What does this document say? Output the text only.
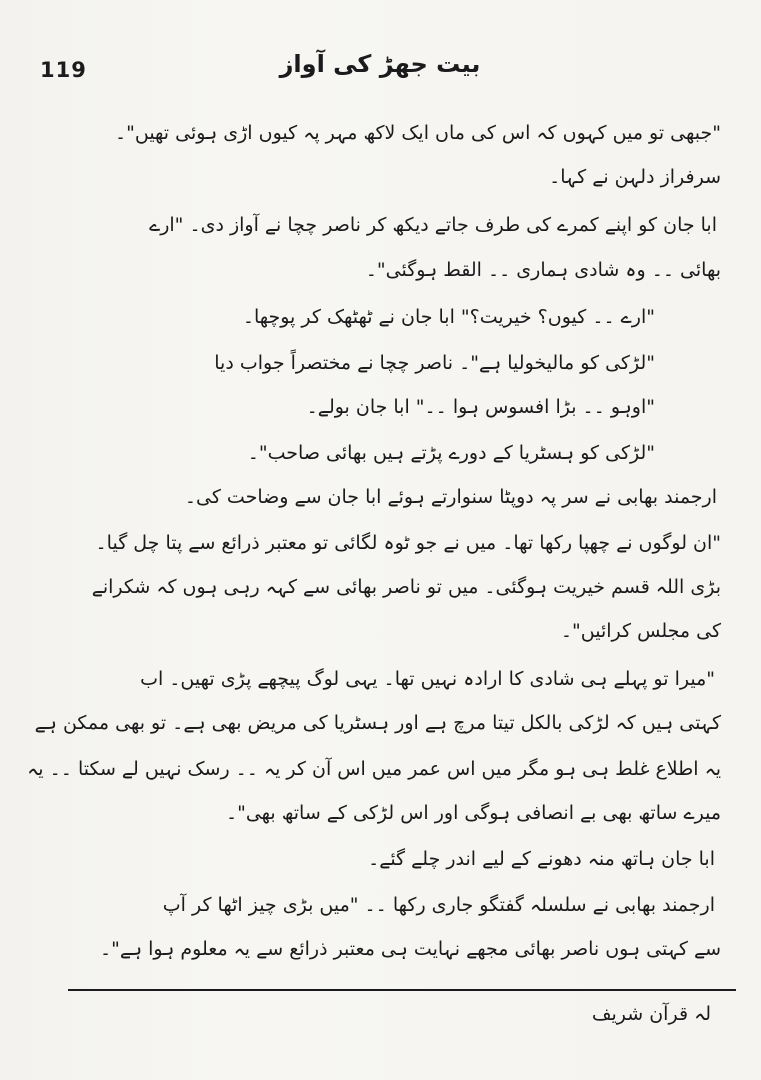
119	بیت جھڑ کی آواز
"جبھی تو میں کہوں کہ اس کی ماں ایک لاکھ مہر پہ کیوں اڑی ہوئی تھیں"۔
سرفراز دلہن نے کہا۔
ابا جان کو اپنے کمرے کی طرف جاتے دیکھ کر ناصر چچا نے آواز دی۔ "ارے
بھائی ۔۔ وہ شادی ہماری ۔۔ القط ہوگئی"۔
"ارے ۔۔ کیوں؟ خیریت؟" ابا جان نے ٹھٹھک کر پوچھا۔
"لڑکی کو مالیخولیا ہے"۔ ناصر چچا نے مختصراً جواب دیا
"اوہو ۔۔ بڑا افسوس ہوا ۔۔" ابا جان بولے۔
"لڑکی کو ہسٹریا کے دورے پڑتے ہیں بھائی صاحب"۔
ارجمند بھابی نے سر پہ دوپٹا سنوارتے ہوئے ابا جان سے وضاحت کی۔
"ان لوگوں نے چھپا رکھا تھا۔ میں نے جو ٹوہ لگائی تو معتبر ذرائع سے پتا چل گیا۔
بڑی اللہ قسم خیریت ہوگئی۔ میں تو ناصر بھائی سے کہہ رہی ہوں کہ شکرانے
کی مجلس کرائیں"۔
"میرا تو پہلے ہی شادی کا ارادہ نہیں تھا۔ یہی لوگ پیچھے پڑی تھیں۔ اب
کہتی ہیں کہ لڑکی بالکل تیتا مرچ ہے اور ہسٹریا کی مریض بھی ہے۔ تو بھی ممکن ہے
یہ اطلاع غلط ہی ہو مگر میں اس عمر میں اس آن کر یہ ۔۔ رسک نہیں لے سکتا ۔۔ یہ
میرے ساتھ بھی بے انصافی ہوگی اور اس لڑکی کے ساتھ بھی"۔
ابا جان ہاتھ منہ دھونے کے لیے اندر چلے گئے۔
ارجمند بھابی نے سلسلہ گفتگو جاری رکھا ۔۔ "میں بڑی چیز اٹھا کر آپ
سے کہتی ہوں ناصر بھائی مجھے نہایت ہی معتبر ذرائع سے یہ معلوم ہوا ہے"۔
لہ قرآن شریف
